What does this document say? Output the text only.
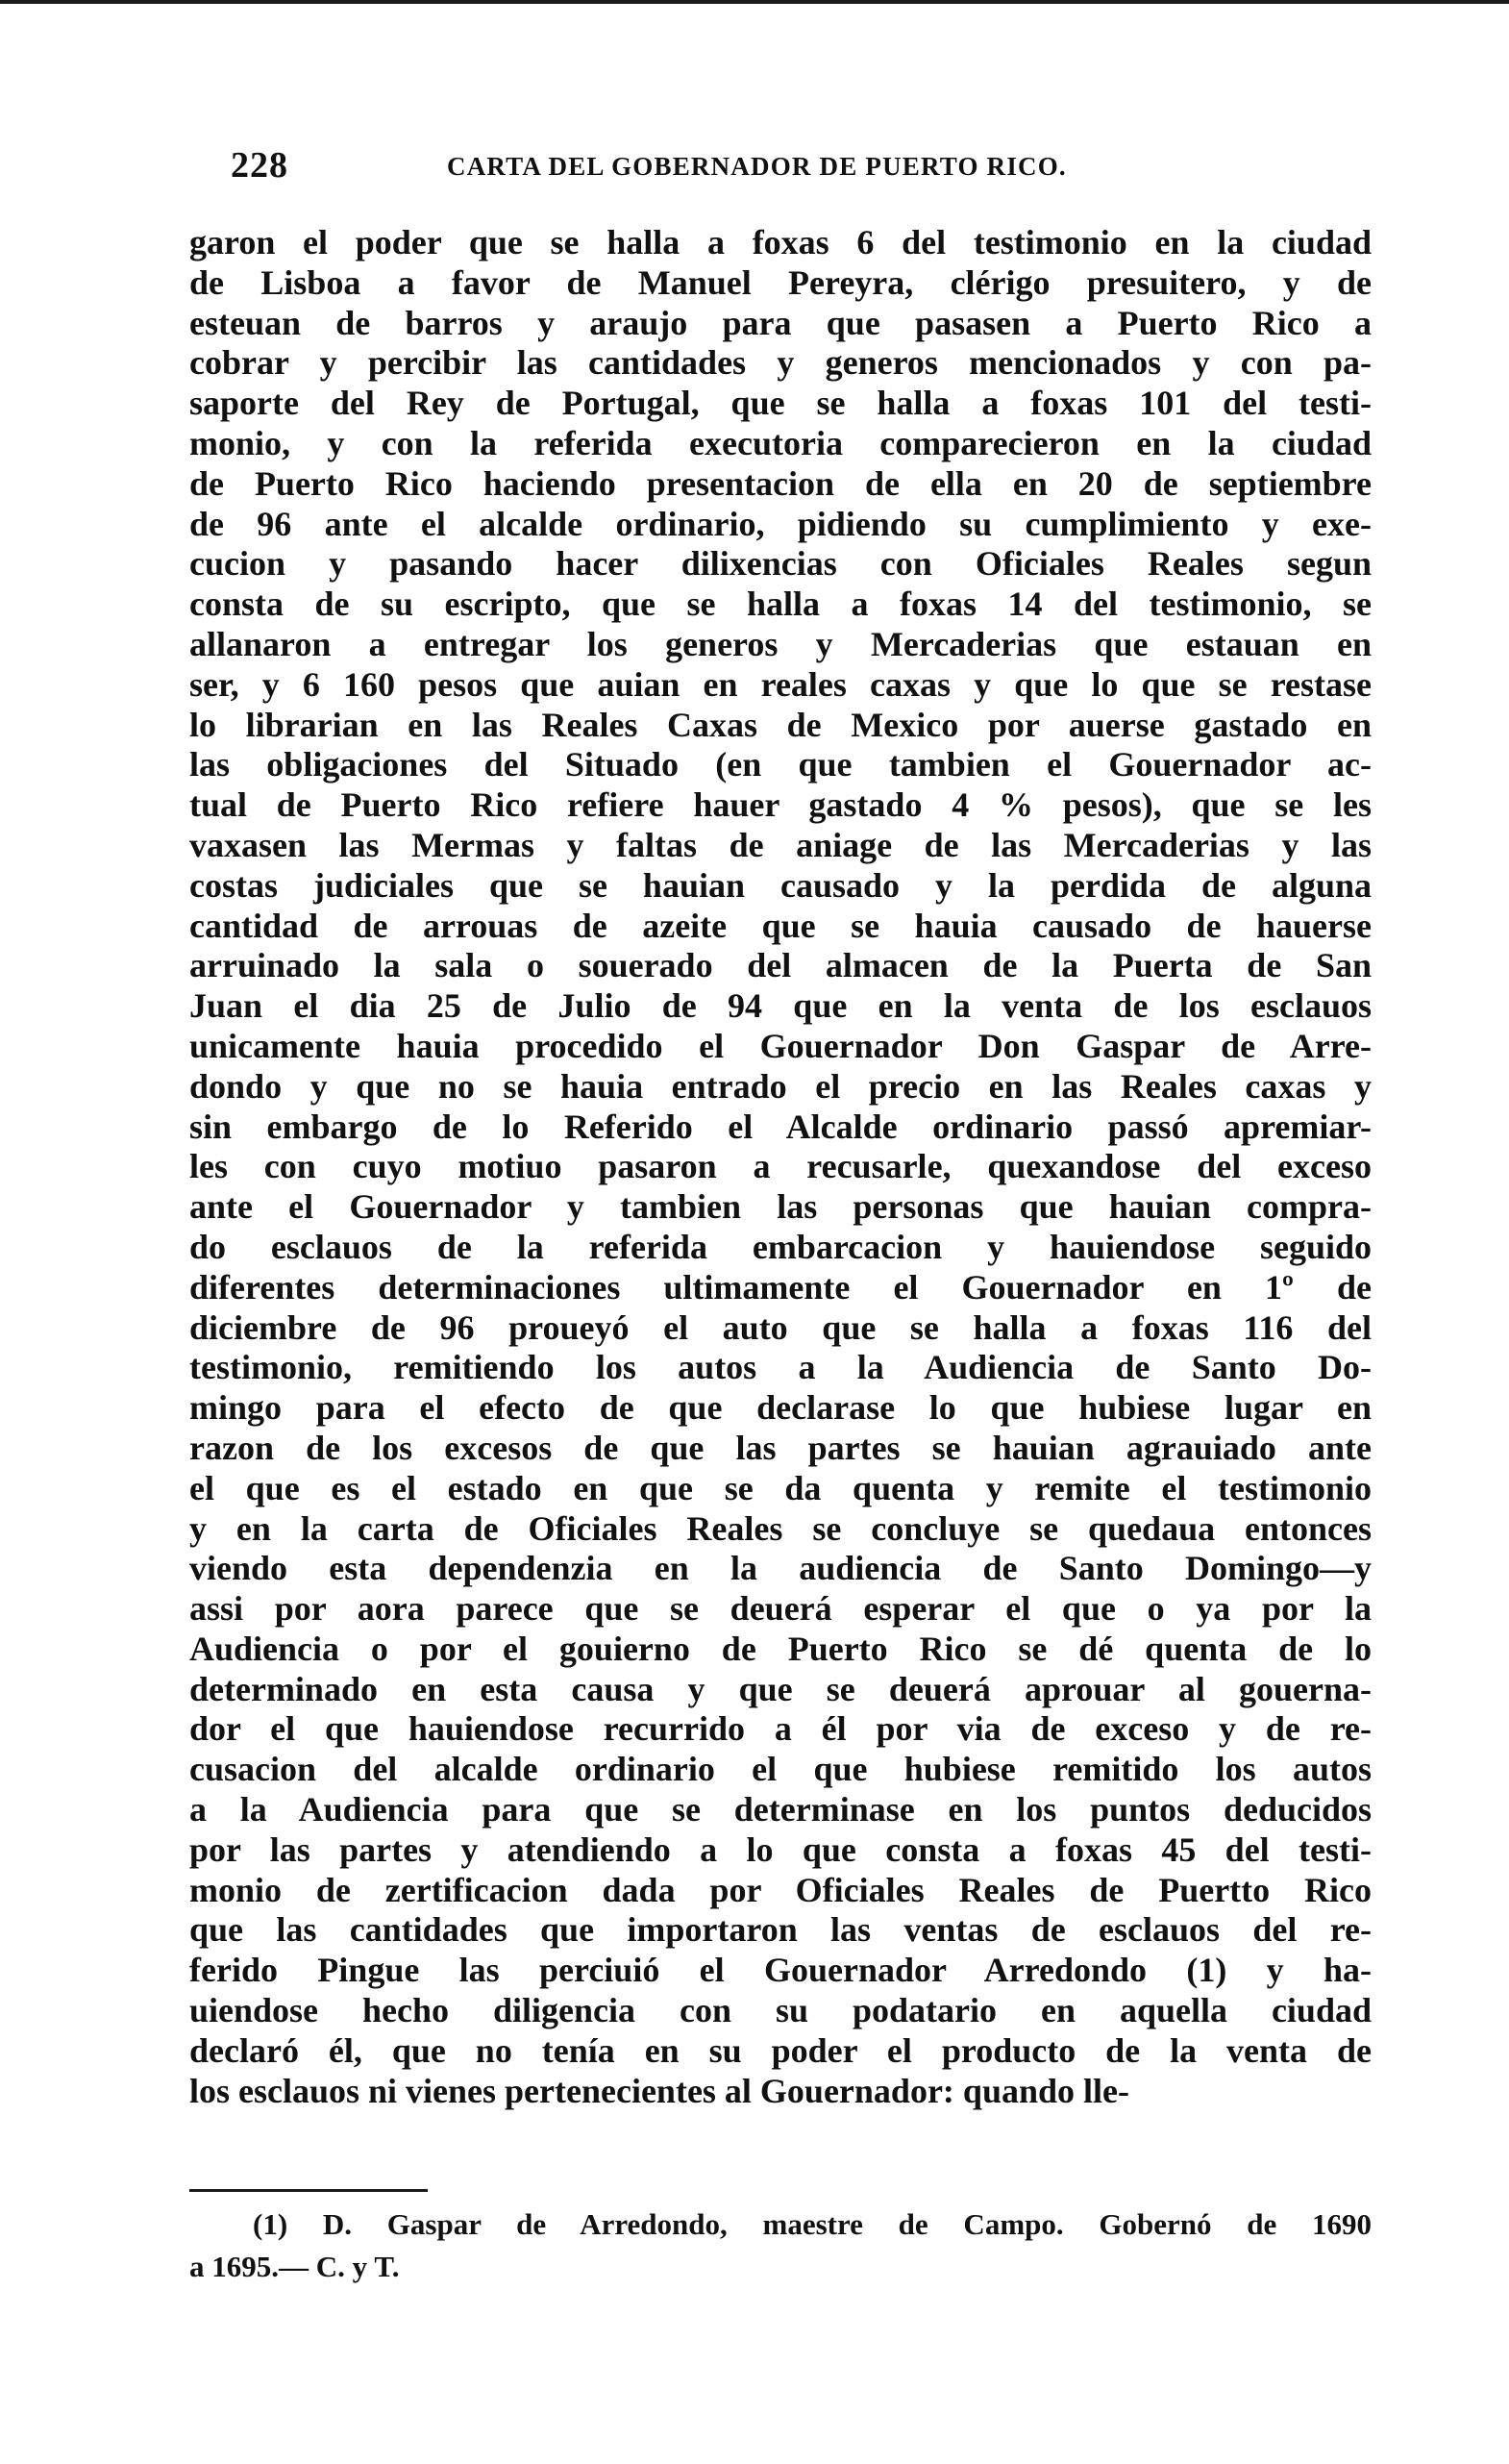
228	CARTA DEL GOBERNADOR DE PUERTO RICO.
garon el poder que se halla a foxas 6 del testimonio en la ciudad
de Lisboa a favor de Manuel Pereyra, clérigo presuitero, y de
esteuan de barros y araujo para que pasasen a Puerto Rico a
cobrar y percibir las cantidades y generos mencionados y con pa-
saporte del Rey de Portugal, que se halla a foxas 101 del testi-
monio, y con la referida executoria comparecieron en la ciudad
de Puerto Rico haciendo presentacion de ella en 20 de septiembre
de 96 ante el alcalde ordinario, pidiendo su cumplimiento y exe-
cucion y pasando hacer dilixencias con Oficiales Reales segun
consta de su escripto, que se halla a foxas 14 del testimonio, se
allanaron a entregar los generos y Mercaderias que estauan en
ser, y 6 160 pesos que auian en reales caxas y que lo que se restase
lo librarian en las Reales Caxas de Mexico por auerse gastado en
las obligaciones del Situado (en que tambien el Gouernador ac-
tual de Puerto Rico refiere hauer gastado 4 % pesos), que se les
vaxasen las Mermas y faltas de aniage de las Mercaderias y las
costas judiciales que se hauian causado y la perdida de alguna
cantidad de arrouas de azeite que se hauia causado de hauerse
arruinado la sala o souerado del almacen de la Puerta de San
Juan el dia 25 de Julio de 94 que en la venta de los esclauos
unicamente hauia procedido el Gouernador Don Gaspar de Arre-
dondo y que no se hauia entrado el precio en las Reales caxas y
sin embargo de lo Referido el Alcalde ordinario passó apremiar-
les con cuyo motiuo pasaron a recusarle, quexandose del exceso
ante el Gouernador y tambien las personas que hauian compra-
do esclauos de la referida embarcacion y hauiendose seguido
diferentes determinaciones ultimamente el Gouernador en 1º de
diciembre de 96 prouеyó el auto que se halla a foxas 116 del
testimonio, remitiendo los autos a la Audiencia de Santo Do-
mingo para el efecto de que declarase lo que hubiese lugar en
razon de los excesos de que las partes se hauian agrauiado ante
el que es el estado en que se da quenta y remite el testimonio
y en la carta de Oficiales Reales se concluye se quedaua entonces
viendo esta dependenzia en la audiencia de Santo Domingo—y
assi por aora parece que se deuerá esperar el que o ya por la
Audiencia o por el gouierno de Puerto Rico se dé quenta de lo
determinado en esta causa y que se deuerá aprouar al gouerna-
dor el que hauiendose recurrido a él por via de exceso y de re-
cusacion del alcalde ordinario el que hubiese remitido los autos
a la Audiencia para que se determinase en los puntos deducidos
por las partes y atendiendo a lo que consta a foxas 45 del testi-
monio de zertificacion dada por Oficiales Reales de Puertto Rico
que las cantidades que importaron las ventas de esclauos del re-
ferido Pingue las perciuió el Gouernador Arredondo (1) y ha-
uiendose hecho diligencia con su podatario en aquella ciudad
declaró él, que no tenía en su poder el producto de la venta de
los esclauos ni vienes pertenecientes al Gouernador: quando lle-
(1) D. Gaspar de Arredondo, maestre de Campo. Gobernó de 1690
a 1695.— C. y T.
